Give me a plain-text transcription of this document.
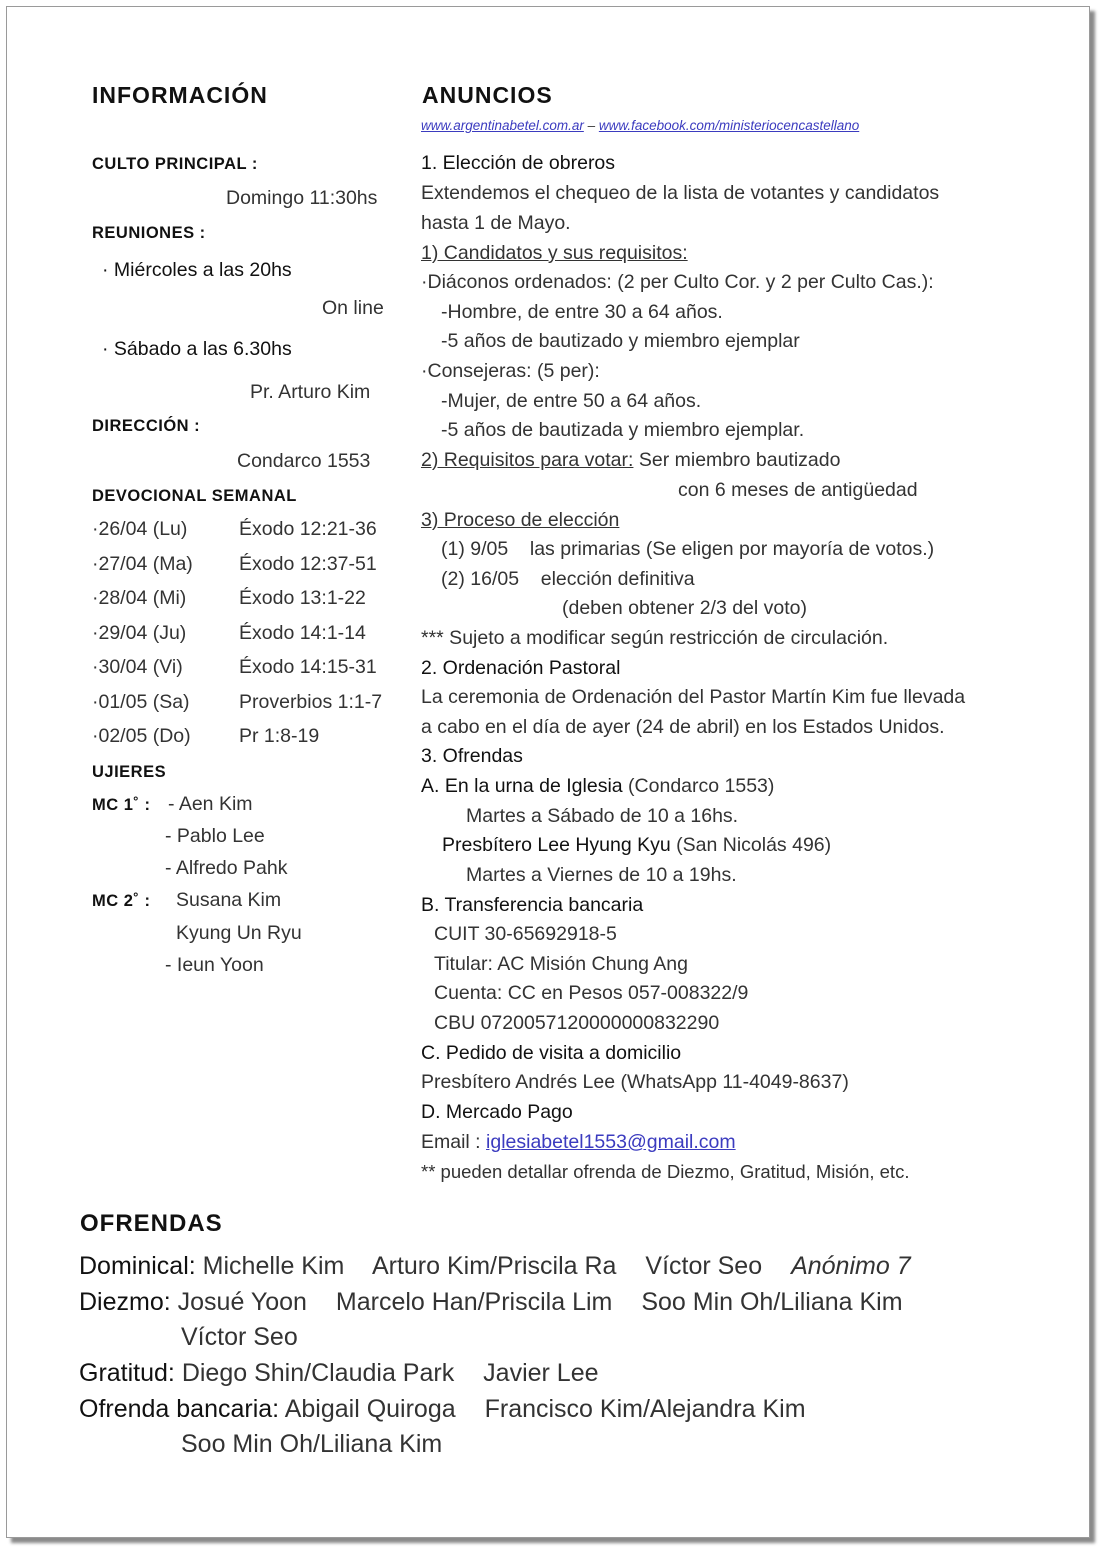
INFORMACIÓN
CULTO PRINCIPAL :
Domingo 11:30hs
REUNIONES :
· Miércoles a las 20hs
On line
· Sábado a las 6.30hs
Pr. Arturo Kim
DIRECCIÓN :
Condarco 1553
DEVOCIONAL SEMANAL
·26/04 (Lu)	Éxodo 12:21-36
·27/04 (Ma) Éxodo 12:37-51
·28/04 (Mi)	Éxodo 13:1-22
·29/04 (Ju)	Éxodo 14:1-14
·30/04 (Vi)	Éxodo 14:15-31
·01/05 (Sa)	Proverbios 1:1-7
·02/05 (Do) Pr 1:8-19
UJIERES
MC 1˚ : - Aen Kim
- Pablo Lee
- Alfredo Pahk
MC 2˚ : Susana Kim
Kyung Un Ryu
- Ieun Yoon
ANUNCIOS
www.argentinabetel.com.ar – www.facebook.com/ministeriocencastellano
1. Elección de obreros
Extendemos el chequeo de la lista de votantes y candidatos
hasta 1 de Mayo.
1) Candidatos y sus requisitos:
·Diáconos ordenados: (2 per Culto Cor. y 2 per Culto Cas.):
-Hombre, de entre 30 a 64 años.
-5 años de bautizado y miembro ejemplar
·Consejeras: (5 per):
-Mujer, de entre 50 a 64 años.
-5 años de bautizada y miembro ejemplar.
2) Requisitos para votar: Ser miembro bautizado
con 6 meses de antigüedad
3) Proceso de elección
(1) 9/05    las primarias (Se eligen por mayoría de votos.)
(2) 16/05    elección definitiva
(deben obtener 2/3 del voto)
*** Sujeto a modificar según restricción de circulación.
2. Ordenación Pastoral
La ceremonia de Ordenación del Pastor Martín Kim fue llevada
a cabo en el día de ayer (24 de abril) en los Estados Unidos.
3. Ofrendas
A. En la urna de Iglesia (Condarco 1553)
Martes a Sábado de 10 a 16hs.
Presbítero Lee Hyung Kyu (San Nicolás 496)
Martes a Viernes de 10 a 19hs.
B. Transferencia bancaria
CUIT 30-65692918-5
Titular: AC Misión Chung Ang
Cuenta: CC en Pesos 057-008322/9
CBU 0720057120000000832290
C. Pedido de visita a domicilio
Presbítero Andrés Lee (WhatsApp 11-4049-8637)
D. Mercado Pago
Email : iglesiabetel1553@gmail.com
** pueden detallar ofrenda de Diezmo, Gratitud, Misión, etc.
OFRENDAS
Dominical: Michelle Kim Arturo Kim/Priscila Ra Víctor Seo Anónimo 7
Diezmo: Josué Yoon Marcelo Han/Priscila Lim Soo Min Oh/Liliana Kim
Víctor Seo
Gratitud: Diego Shin/Claudia Park Javier Lee
Ofrenda bancaria: Abigail Quiroga Francisco Kim/Alejandra Kim
Soo Min Oh/Liliana Kim
